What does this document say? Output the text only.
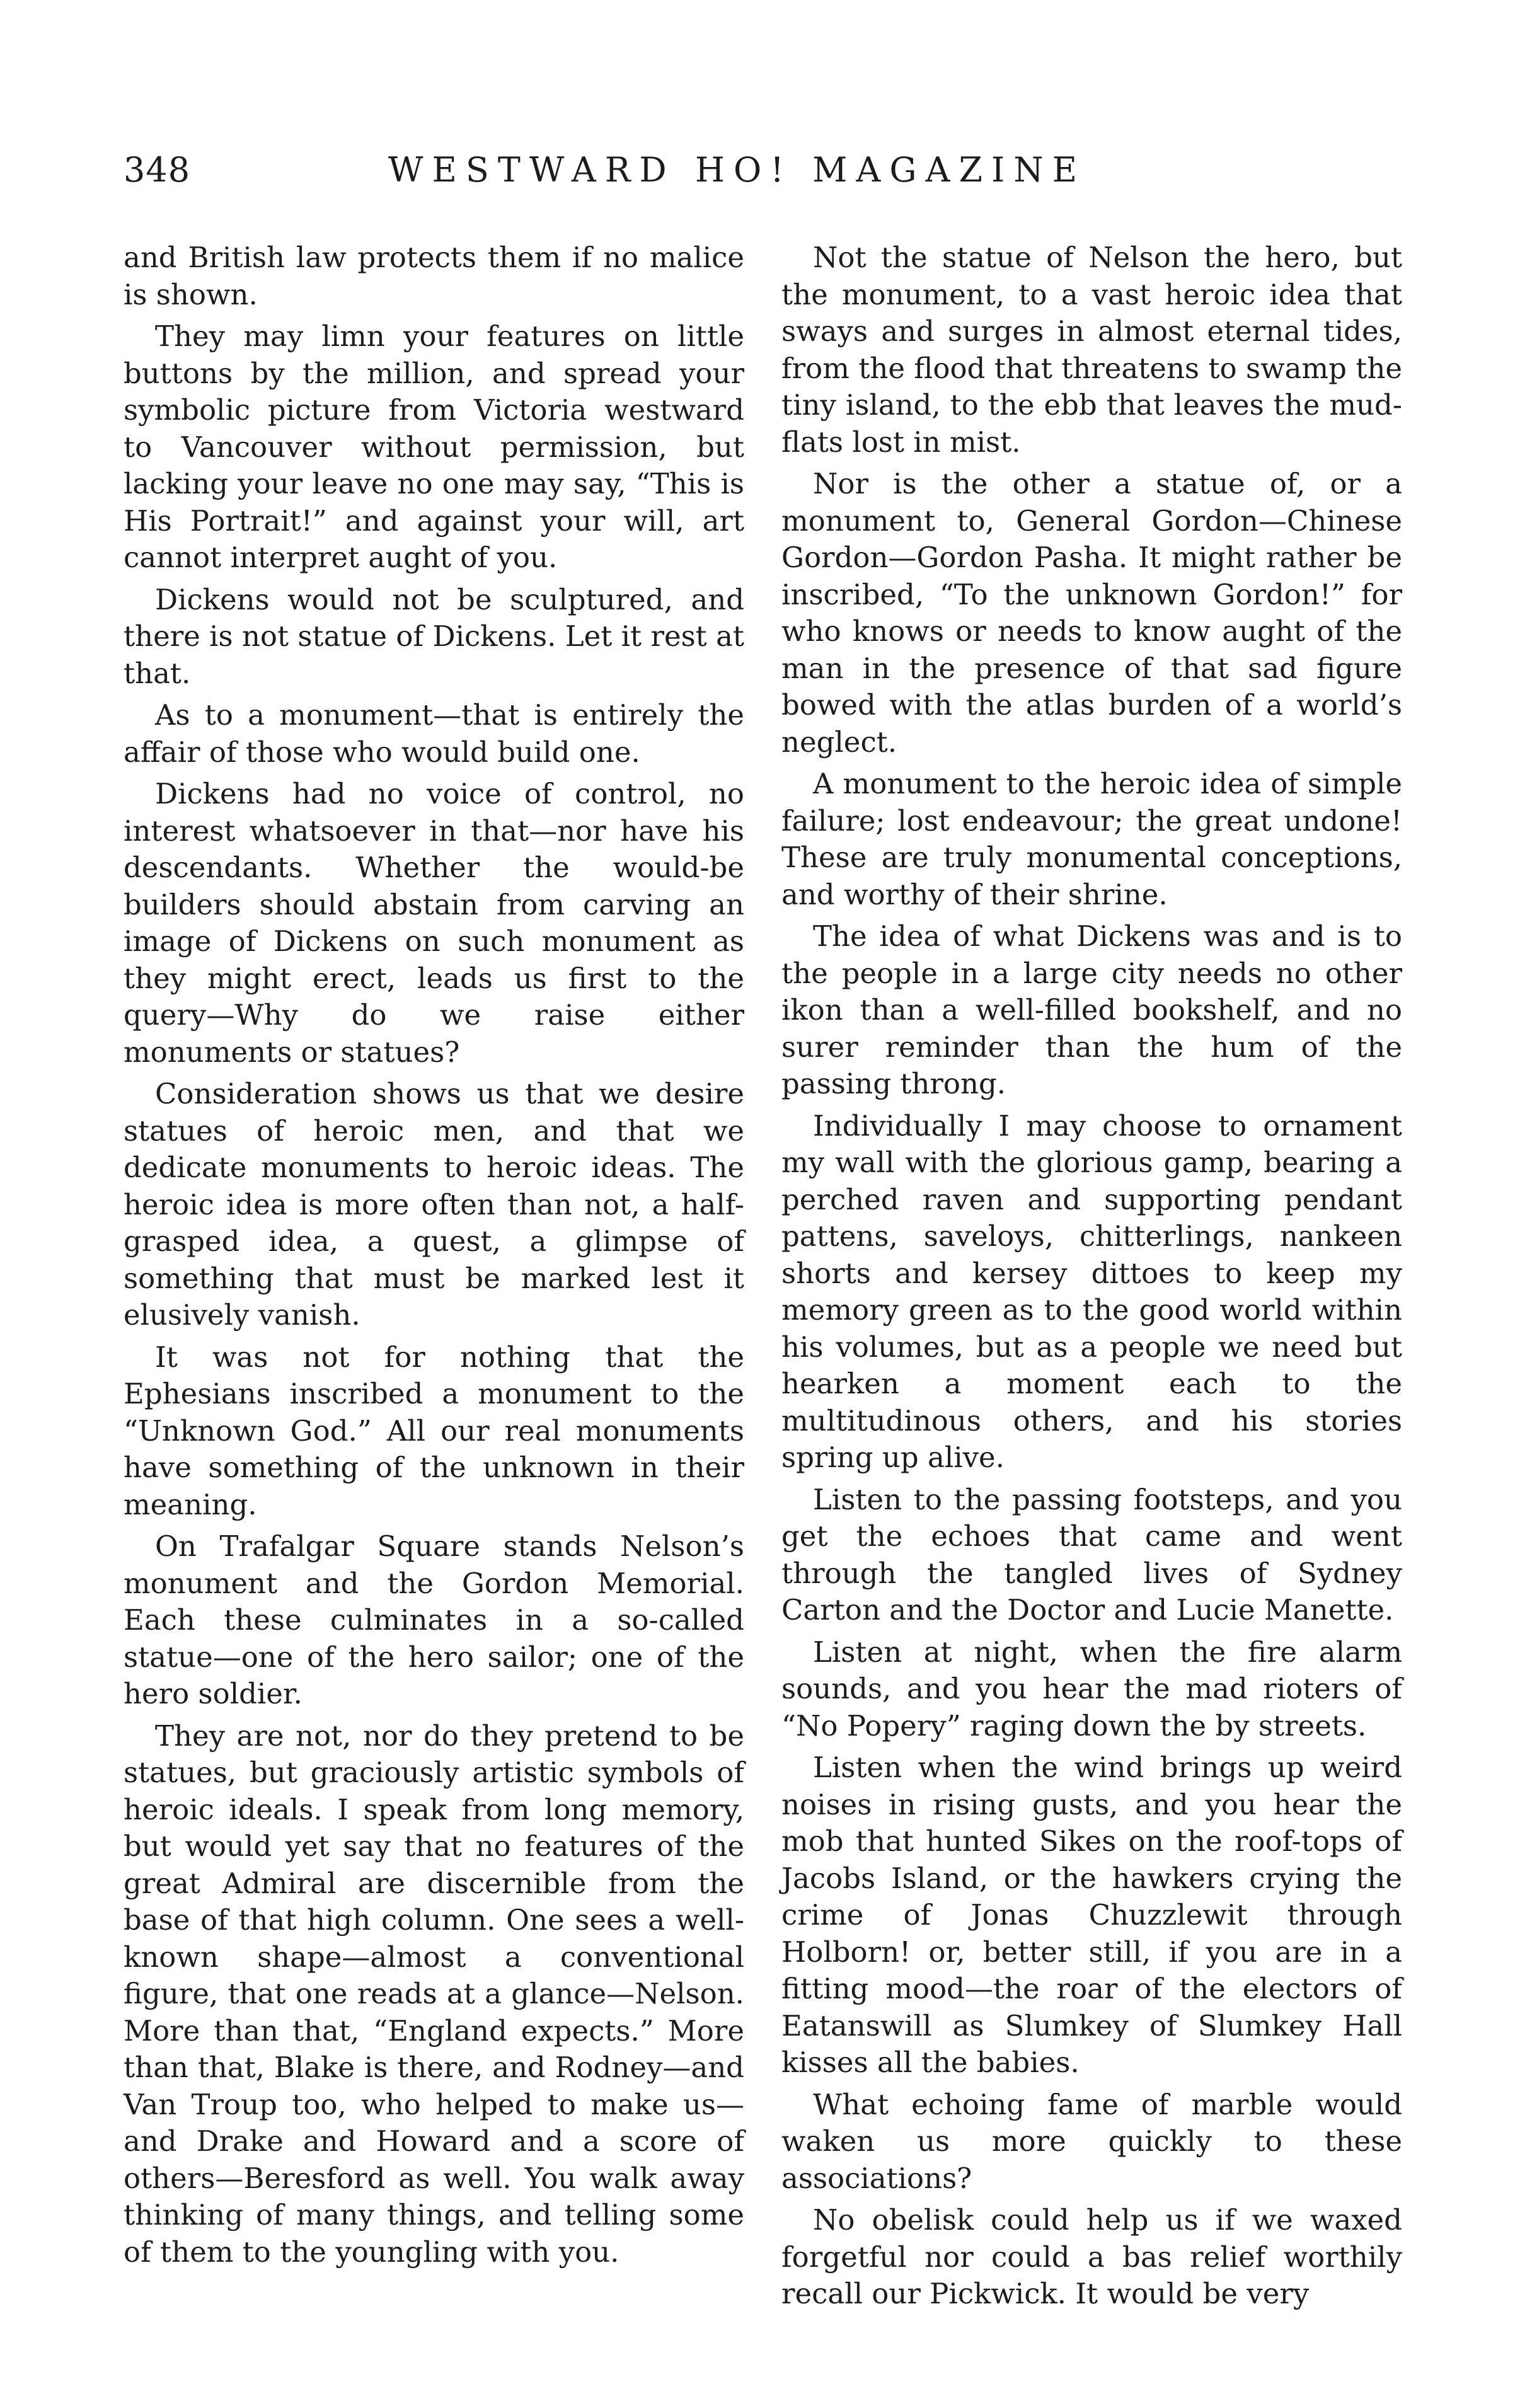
348	WESTWARD HO! MAGAZINE

and British law protects them if no malice is shown.

They may limn your features on little buttons by the million, and spread your symbolic picture from Victoria westward to Vancouver without permission, but lacking your leave no one may say, “This is His Portrait!” and against your will, art cannot interpret aught of you.

Dickens would not be sculptured, and there is not statue of Dickens. Let it rest at that.

As to a monument—that is entirely the affair of those who would build one.

Dickens had no voice of control, no interest whatsoever in that—nor have his descendants. Whether the would-be builders should abstain from carving an image of Dickens on such monument as they might erect, leads us first to the query—Why do we raise either monuments or statues?

Consideration shows us that we desire statues of heroic men, and that we dedicate monuments to heroic ideas. The heroic idea is more often than not, a half-grasped idea, a quest, a glimpse of something that must be marked lest it elusively vanish.

It was not for nothing that the Ephesians inscribed a monument to the “Unknown God.” All our real monuments have something of the unknown in their meaning.

On Trafalgar Square stands Nelson’s monument and the Gordon Memorial. Each these culminates in a so-called statue—one of the hero sailor; one of the hero soldier.

They are not, nor do they pretend to be statues, but graciously artistic symbols of heroic ideals. I speak from long memory, but would yet say that no features of the great Admiral are discernible from the base of that high column. One sees a well-known shape—almost a conventional figure, that one reads at a glance—Nelson. More than that, “England expects.” More than that, Blake is there, and Rodney—and Van Troup too, who helped to make us—and Drake and Howard and a score of others—Beresford as well. You walk away thinking of many things, and telling some of them to the youngling with you.

Not the statue of Nelson the hero, but the monument, to a vast heroic idea that sways and surges in almost eternal tides, from the flood that threatens to swamp the tiny island, to the ebb that leaves the mud-flats lost in mist.

Nor is the other a statue of, or a monument to, General Gordon—Chinese Gordon—Gordon Pasha. It might rather be inscribed, “To the unknown Gordon!” for who knows or needs to know aught of the man in the presence of that sad figure bowed with the atlas burden of a world’s neglect.

A monument to the heroic idea of simple failure; lost endeavour; the great undone! These are truly monumental conceptions, and worthy of their shrine.

The idea of what Dickens was and is to the people in a large city needs no other ikon than a well-filled bookshelf, and no surer reminder than the hum of the passing throng.

Individually I may choose to ornament my wall with the glorious gamp, bearing a perched raven and supporting pendant pattens, saveloys, chitterlings, nankeen shorts and kersey dittoes to keep my memory green as to the good world within his volumes, but as a people we need but hearken a moment each to the multitudinous others, and his stories spring up alive.

Listen to the passing footsteps, and you get the echoes that came and went through the tangled lives of Sydney Carton and the Doctor and Lucie Manette.

Listen at night, when the fire alarm sounds, and you hear the mad rioters of “No Popery” raging down the by streets.

Listen when the wind brings up weird noises in rising gusts, and you hear the mob that hunted Sikes on the roof-tops of Jacobs Island, or the hawkers crying the crime of Jonas Chuzzlewit through Holborn! or, better still, if you are in a fitting mood—the roar of the electors of Eatanswill as Slumkey of Slumkey Hall kisses all the babies.

What echoing fame of marble would waken us more quickly to these associations?

No obelisk could help us if we waxed forgetful nor could a bas relief worthily recall our Pickwick. It would be very
